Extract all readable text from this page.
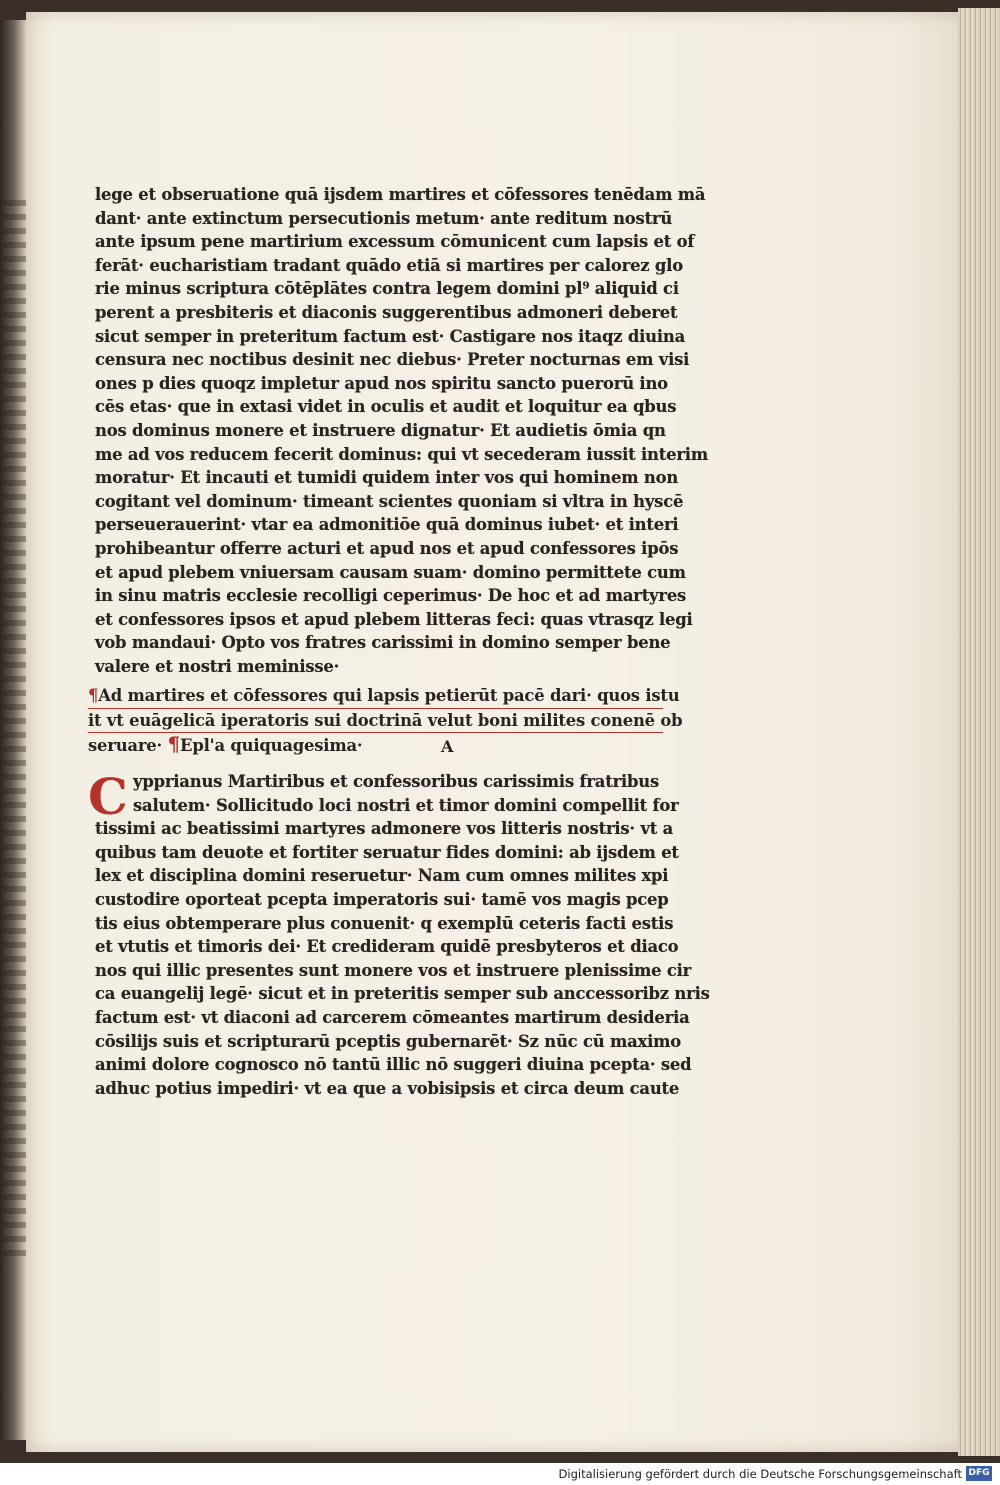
lege et obseruatione quā ijsdem martires et cōfessores tenēdam mā
dant· ante extinctum persecutionis metum· ante reditum nostrū
ante ipsum pene martirium excessum cōmunicent cum lapsis et of
ferāt· eucharistiam tradant quādo etiā si martires per calorez glo
rie minus scriptura cōtēplātes contra legem domini pl⁹ aliquid ci
perent a presbiteris et diaconis suggerentibus admoneri deberet
sicut semper in preteritum factum est· Castigare nos itaqz diuina
censura nec noctibus desinit nec diebus· Preter nocturnas em visi
ones p dies quoqz impletur apud nos spiritu sancto puerorū ino
cēs etas· que in extasi videt in oculis et audit et loquitur ea qbus
nos dominus monere et instruere dignatur· Et audietis ōmia qn
me ad vos reducem fecerit dominus: qui vt secederam iussit interim
moratur· Et incauti et tumidi quidem inter vos qui hominem non
cogitant vel dominum· timeant scientes quoniam si vltra in hyscē
perseuerauerint· vtar ea admonitiōe quā dominus iubet· et interi
prohibeantur offerre acturi et apud nos et apud confessores ipōs
et apud plebem vniuersam causam suam· domino permittete cum
in sinu matris ecclesie recolligi ceperimus· De hoc et ad martyres
et confessores ipsos et apud plebem litteras feci: quas vtrasqz legi
vob mandaui· Opto vos fratres carissimi in domino semper bene
valere et nostri meminisse·
¶Ad martires et cōfessores qui lapsis petierūt pacē dari· quos istu
it vt euāgelicā iperatoris sui doctrinā velut boni milites conenē ob
seruare· ¶Epl'a quiquagesima·	A
C ypprianus Martiribus et confessoribus carissimis fratribus
salutem· Sollicitudo loci nostri et timor domini compellit for
tissimi ac beatissimi martyres admonere vos litteris nostris· vt a
quibus tam deuote et fortiter seruatur fides domini: ab ijsdem et
lex et disciplina domini reseruetur· Nam cum omnes milites xpi
custodire oporteat pcepta imperatoris sui· tamē vos magis pcep
tis eius obtemperare plus conuenit· q exemplū ceteris facti estis
et vtutis et timoris dei· Et credideram quidē presbyteros et diaco
nos qui illic presentes sunt monere vos et instruere plenissime cir
ca euangelij legē· sicut et in preteritis semper sub anccessoribz nris
factum est· vt diaconi ad carcerem cōmeantes martirum desideria
cōsilijs suis et scripturarū pceptis gubernarēt· Sz nūc cū maximo
animi dolore cognosco nō tantū illic nō suggeri diuina pcepta· sed
adhuc potius impediri· vt ea que a vobisipsis et circa deum caute
Digitalisierung gefördert durch die Deutsche Forschungsgemeinschaft DFG
